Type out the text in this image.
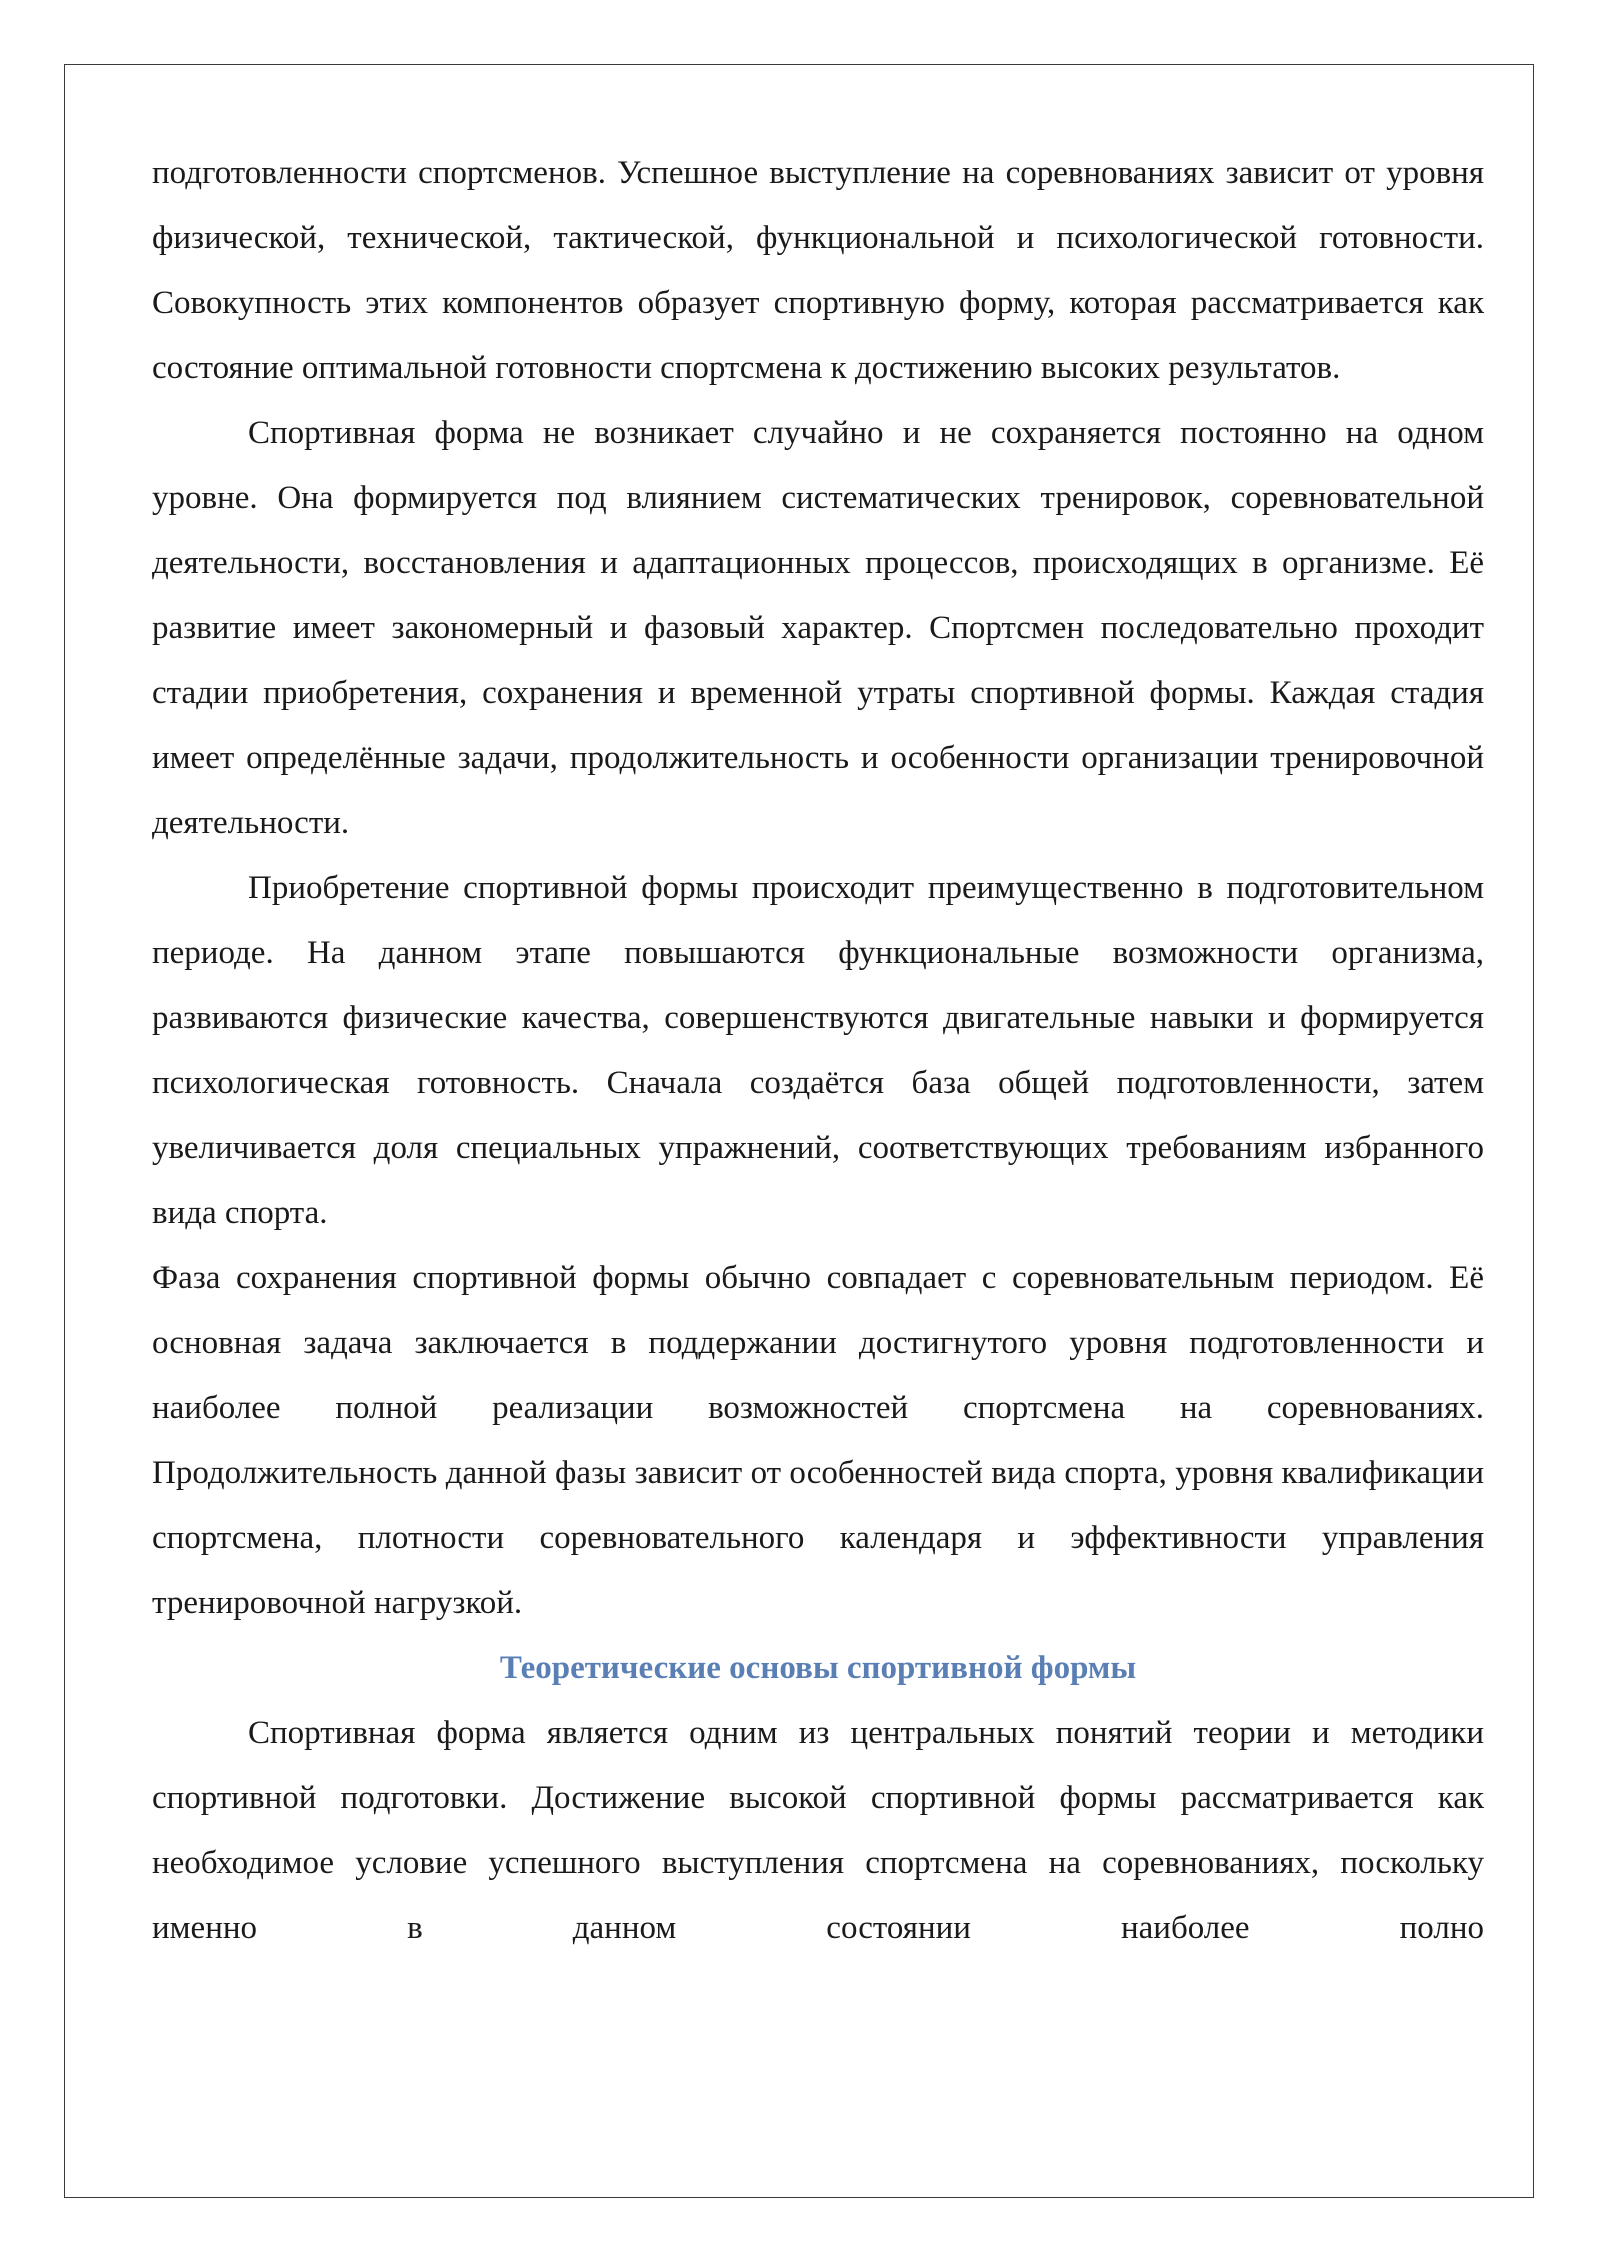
подготовленности спортсменов. Успешное выступление на соревнованиях зависит от уровня физической, технической, тактической, функциональной и психологической готовности. Совокупность этих компонентов образует спортивную форму, которая рассматривается как состояние оптимальной готовности спортсмена к достижению высоких результатов.

Спортивная форма не возникает случайно и не сохраняется постоянно на одном уровне. Она формируется под влиянием систематических тренировок, соревновательной деятельности, восстановления и адаптационных процессов, происходящих в организме. Её развитие имеет закономерный и фазовый характер. Спортсмен последовательно проходит стадии приобретения, сохранения и временной утраты спортивной формы. Каждая стадия имеет определённые задачи, продолжительность и особенности организации тренировочной деятельности.

Приобретение спортивной формы происходит преимущественно в подготовительном периоде. На данном этапе повышаются функциональные возможности организма, развиваются физические качества, совершенствуются двигательные навыки и формируется психологическая готовность. Сначала создаётся база общей подготовленности, затем увеличивается доля специальных упражнений, соответствующих требованиям избранного вида спорта.

Фаза сохранения спортивной формы обычно совпадает с соревновательным периодом. Её основная задача заключается в поддержании достигнутого уровня подготовленности и наиболее полной реализации возможностей спортсмена на соревнованиях. Продолжительность данной фазы зависит от особенностей вида спорта, уровня квалификации спортсмена, плотности соревновательного календаря и эффективности управления тренировочной нагрузкой.

Теоретические основы спортивной формы

Спортивная форма является одним из центральных понятий теории и методики спортивной подготовки. Достижение высокой спортивной формы рассматривается как необходимое условие успешного выступления спортсмена на соревнованиях, поскольку именно в данном состоянии наиболее полно
